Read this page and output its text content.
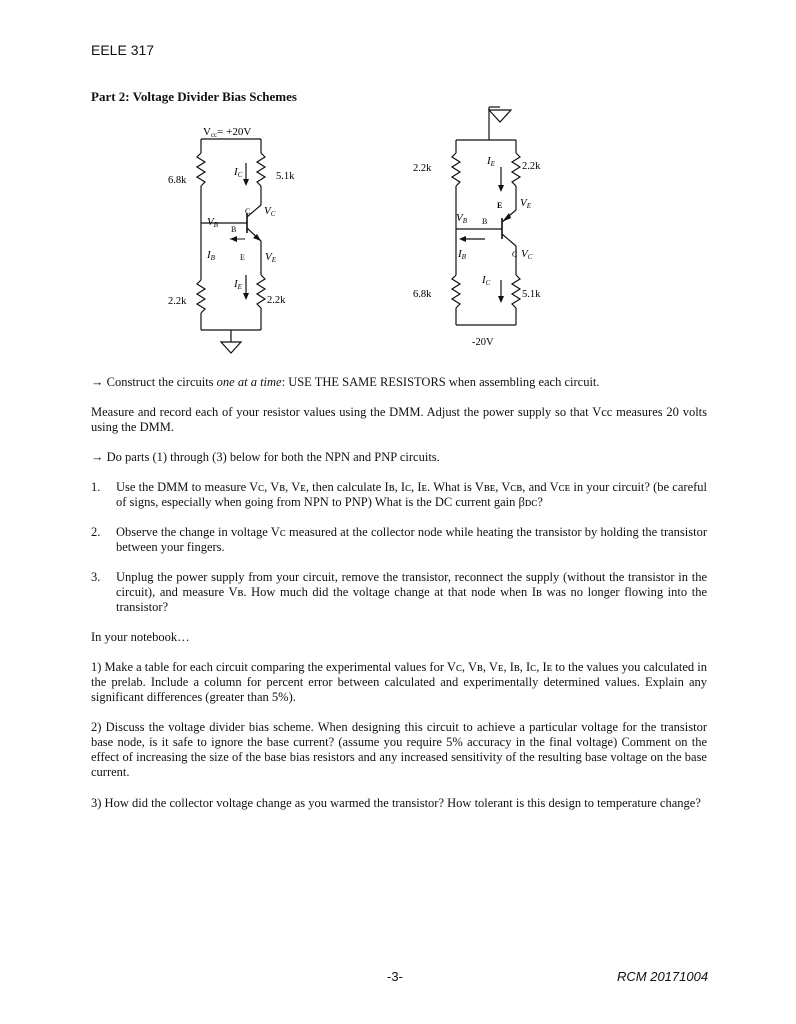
EELE 317
Part 2: Voltage Divider Bias Schemes
Vcc= +20V
6.8k	5.1k
2.2k	2.2k
IC
C VC
VB B
IB	E VE
IE
2.2k	2.2k
6.8k	5.1k
IE
E VE
VB B
IB	C VC
IC
-20V
→ Construct the circuits one at a time: USE THE SAME RESISTORS when assembling each circuit.
Measure and record each of your resistor values using the DMM. Adjust the power supply so that Vcc measures 20 volts using the DMM.
→ Do parts (1) through (3) below for both the NPN and PNP circuits.
1. Use the DMM to measure Vᴄ, Vʙ, Vᴇ, then calculate Iʙ, Iᴄ, Iᴇ. What is Vʙᴇ, Vᴄʙ, and Vᴄᴇ in your circuit? (be careful of signs, especially when going from NPN to PNP) What is the DC current gain βᴅᴄ?
2. Observe the change in voltage Vᴄ measured at the collector node while heating the transistor by holding the transistor between your fingers.
3. Unplug the power supply from your circuit, remove the transistor, reconnect the supply (without the transistor in the circuit), and measure Vʙ. How much did the voltage change at that node when Iʙ was no longer flowing into the transistor?
In your notebook…
1) Make a table for each circuit comparing the experimental values for Vᴄ, Vʙ, Vᴇ, Iʙ, Iᴄ, Iᴇ to the values you calculated in the prelab. Include a column for percent error between calculated and experimentally determined values. Explain any significant differences (greater than 5%).
2) Discuss the voltage divider bias scheme. When designing this circuit to achieve a particular voltage for the transistor base node, is it safe to ignore the base current? (assume you require 5% accuracy in the final voltage) Comment on the effect of increasing the size of the base bias resistors and any increased sensitivity of the resulting base voltage on the base current.
3) How did the collector voltage change as you warmed the transistor? How tolerant is this design to temperature change?
-3-	RCM 20171004
